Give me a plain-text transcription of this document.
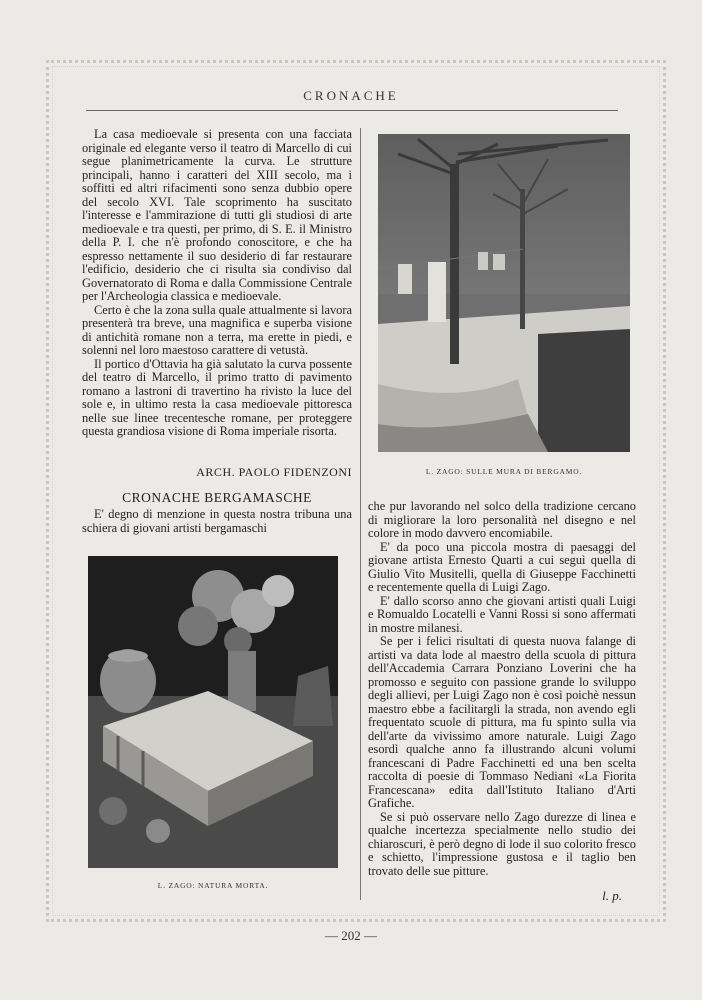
CRONACHE

La casa medioevale si presenta con una facciata originale ed elegante verso il teatro di Marcello di cui segue planimetricamente la curva. Le strutture principali, hanno i caratteri del XIII secolo, ma i soffitti ed altri rifacimenti sono senza dubbio opere del secolo XVI. Tale scoprimento ha suscitato l'interesse e l'ammirazione di tutti gli studiosi di arte medioevale e tra questi, per primo, di S. E. il Ministro della P. I. che n'è profondo conoscitore, e che ha espresso nettamente il suo desiderio di far restaurare l'edificio, desiderio che ci risulta sia condiviso dal Governatorato di Roma e dalla Commissione Centrale per l'Archeologia classica e medioevale.

Certo è che la zona sulla quale attualmente si lavora presenterà tra breve, una magnifica e superba visione di antichità romane non a terra, ma erette in piedi, e solenni nel loro maestoso carattere di vetustà.

Il portico d'Ottavia ha già salutato la curva possente del teatro di Marcello, il primo tratto di pavimento romano a lastroni di travertino ha rivisto la luce del sole e, in ultimo resta la casa medioevale pittoresca nelle sue linee trecentesche romane, per proteggere questa grandiosa visione di Roma imperiale risorta.

ARCH. PAOLO FIDENZONI
CRONACHE BERGAMASCHE

E' degno di menzione in questa nostra tribuna una schiera di giovani artisti bergamaschi

L. ZAGO: SULLE MURA DI BERGAMO.
L. ZAGO: NATURA MORTA.

che pur lavorando nel solco della tradizione cercano di migliorare la loro personalità nel disegno e nel colore in modo davvero encomiabile.

E' da poco una piccola mostra di paesaggi del giovane artista Ernesto Quarti a cui seguì quella di Giulio Vito Musitelli, quella di Giuseppe Facchinetti e recentemente quella di Luigi Zago.

E' dallo scorso anno che giovani artisti quali Luigi e Romualdo Locatelli e Vanni Rossi si sono affermati in mostre milanesi.

Se per i felici risultati di questa nuova falange di artisti va data lode al maestro della scuola di pittura dell'Accademia Carrara Ponziano Loverini che ha promosso e seguito con passione grande lo sviluppo degli allievi, per Luigi Zago non è così poichè nessun maestro ebbe a facilitargli la strada, non avendo egli frequentato scuole di pittura, ma fu spinto sulla via dell'arte da vivissimo amore naturale. Luigi Zago esordì qualche anno fa illustrando alcuni volumi francescani di Padre Facchinetti ed una ben scelta raccolta di poesie di Tommaso Nediani «La Fiorita Francescana» edita dall'Istituto Italiano d'Arti Grafiche.

Se si può osservare nello Zago durezze di linea e qualche incertezza specialmente nello studio dei chiaroscuri, è però degno di lode il suo colorito fresco e schietto, l'impressione gustosa e il taglio ben trovato delle sue pitture.

l. p.
— 202 —
